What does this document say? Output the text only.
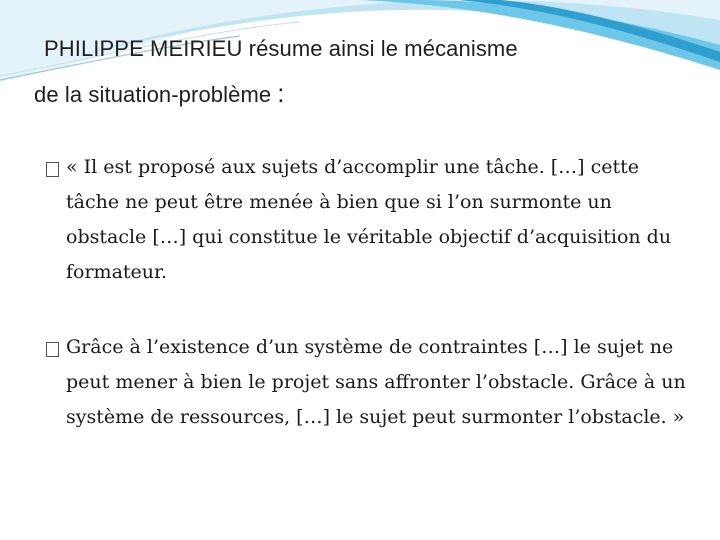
PHILIPPE MEIRIEU résume ainsi le mécanisme
de la situation-problème :
« Il est proposé aux sujets d’accomplir une tâche. […] cette tâche ne peut être menée à bien que si l’on surmonte un obstacle […] qui constitue le véritable objectif d’acquisition du formateur.
Grâce à l’existence d’un système de contraintes […] le sujet ne peut mener à bien le projet sans affronter l’obstacle. Grâce à un système de ressources, […] le sujet peut surmonter l’obstacle. »
